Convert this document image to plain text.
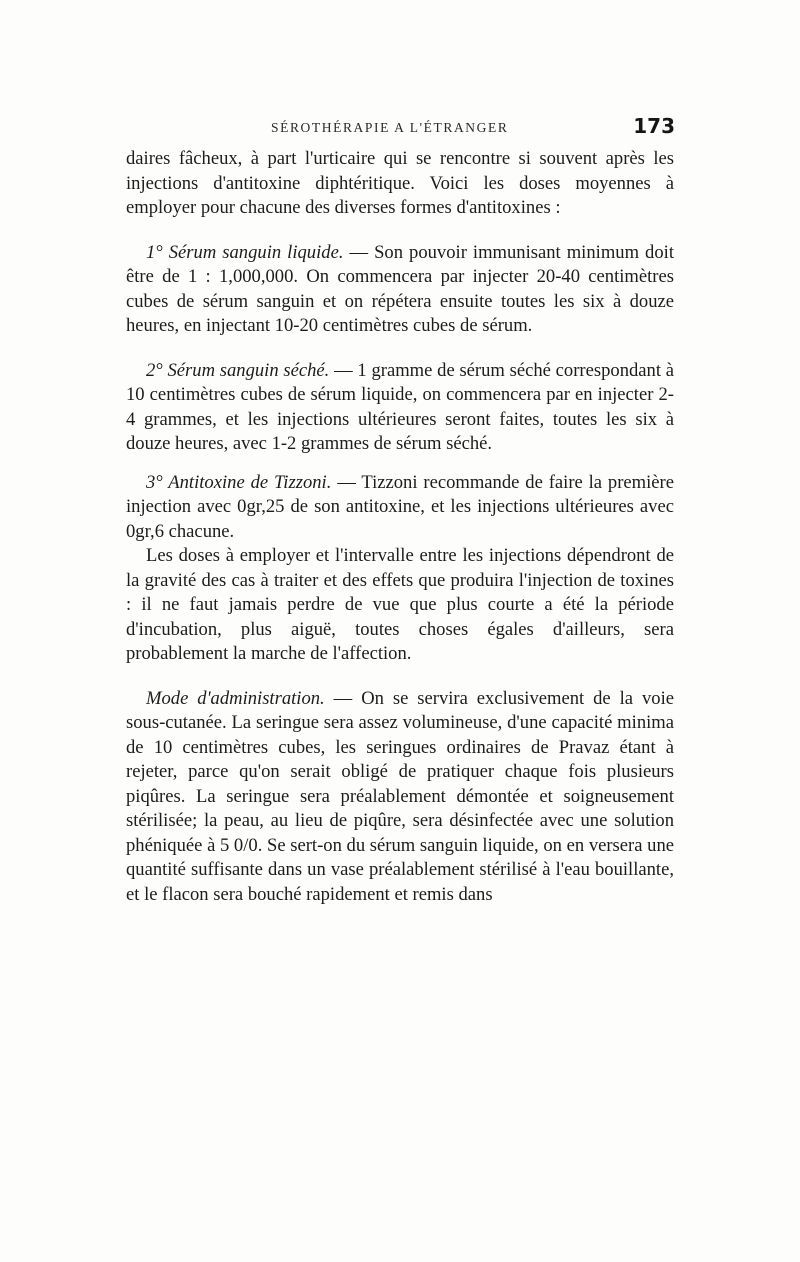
SÉROTHÉRAPIE A L'ÉTRANGER	173

daires fâcheux, à part l'urticaire qui se rencontre si souvent après les injections d'antitoxine diphtéritique. Voici les doses moyennes à employer pour chacune des diverses formes d'antitoxines :

1° Sérum sanguin liquide. — Son pouvoir immunisant minimum doit être de 1 : 1,000,000. On commencera par injecter 20-40 centimètres cubes de sérum sanguin et on répétera ensuite toutes les six à douze heures, en injectant 10-20 centimètres cubes de sérum.

2° Sérum sanguin séché. — 1 gramme de sérum séché correspondant à 10 centimètres cubes de sérum liquide, on commencera par en injecter 2-4 grammes, et les injections ultérieures seront faites, toutes les six à douze heures, avec 1-2 grammes de sérum séché.

3° Antitoxine de Tizzoni. — Tizzoni recommande de faire la première injection avec 0gr,25 de son antitoxine, et les injections ultérieures avec 0gr,6 chacune.

Les doses à employer et l'intervalle entre les injections dépendront de la gravité des cas à traiter et des effets que produira l'injection de toxines : il ne faut jamais perdre de vue que plus courte a été la période d'incubation, plus aiguë, toutes choses égales d'ailleurs, sera probablement la marche de l'affection.

Mode d'administration. — On se servira exclusivement de la voie sous-cutanée. La seringue sera assez volumineuse, d'une capacité minima de 10 centimètres cubes, les seringues ordinaires de Pravaz étant à rejeter, parce qu'on serait obligé de pratiquer chaque fois plusieurs piqûres. La seringue sera préalablement démontée et soigneusement stérilisée; la peau, au lieu de piqûre, sera désinfectée avec une solution phéniquée à 5 0/0. Se sert-on du sérum sanguin liquide, on en versera une quantité suffisante dans un vase préalablement stérilisé à l'eau bouillante, et le flacon sera bouché rapidement et remis dans
